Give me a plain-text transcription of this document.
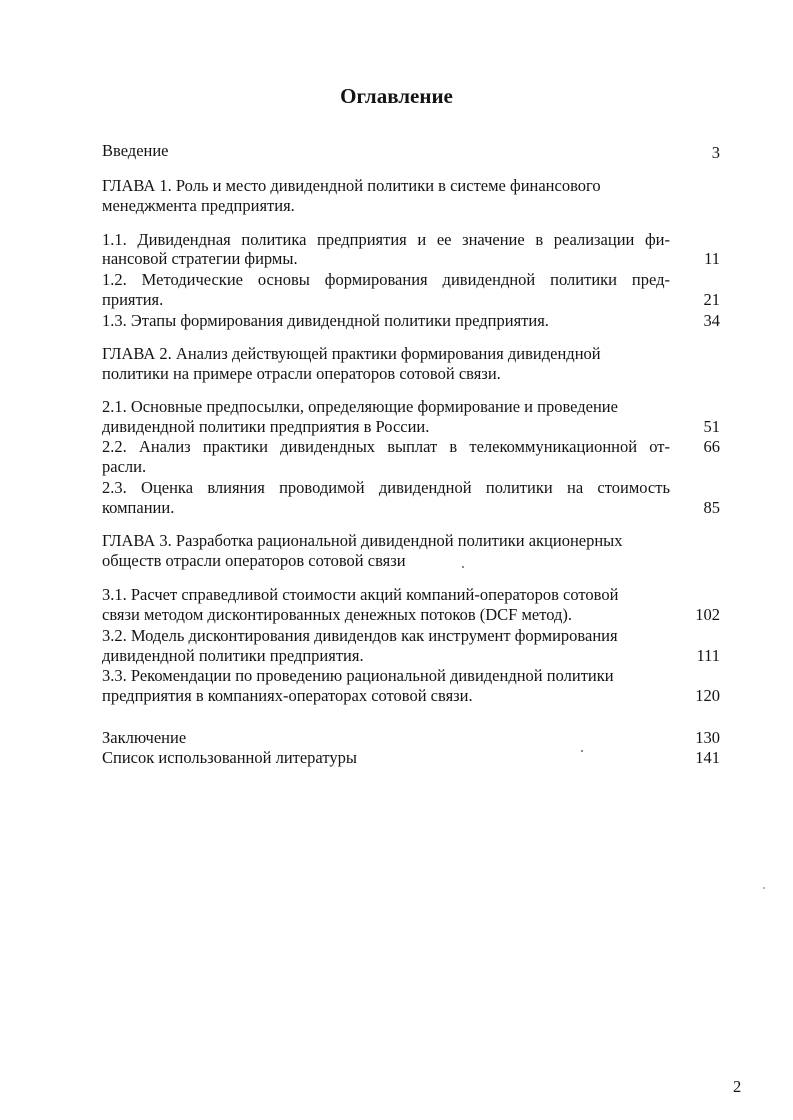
Оглавление
Введение	3
ГЛАВА 1. Роль и место дивидендной политики в системе финансового
менеджмента предприятия.
1.1. Дивидендная политика предприятия и ее значение в реализации фи-
нансовой стратегии фирмы.	11
1.2. Методические основы формирования дивидендной политики пред-
приятия.	21
1.3. Этапы формирования дивидендной политики предприятия.	34
ГЛАВА 2. Анализ действующей практики формирования дивидендной
политики на примере отрасли операторов сотовой связи.
2.1. Основные предпосылки, определяющие формирование и проведение
дивидендной политики предприятия в России.	51
2.2. Анализ практики дивидендных выплат в телекоммуникационной от-	66
расли.
2.3. Оценка влияния проводимой дивидендной политики на стоимость
компании.	85
ГЛАВА 3. Разработка рациональной дивидендной политики акционерных
обществ отрасли операторов сотовой связи
3.1. Расчет справедливой стоимости акций компаний-операторов сотовой
связи методом дисконтированных денежных потоков (DCF метод).	102
3.2. Модель дисконтирования дивидендов как инструмент формирования
дивидендной политики предприятия.	111
3.3. Рекомендации по проведению рациональной дивидендной политики
предприятия в компаниях-операторах сотовой связи.	120
Заключение	130
Список использованной литературы	141
2
